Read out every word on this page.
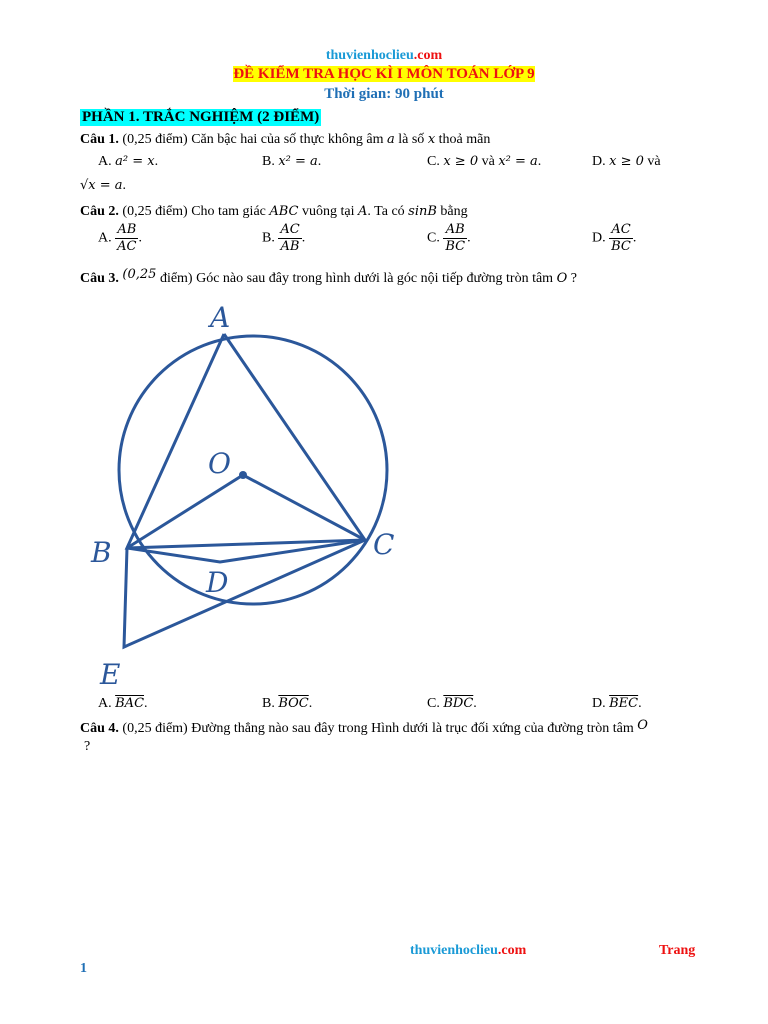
thuvienhoclieu.com
ĐỀ KIỂM TRA HỌC KÌ I MÔN TOÁN LỚP 9
Thời gian: 90 phút
PHẦN 1. TRẮC NGHIỆM (2 ĐIỂM)
Câu 1. (0,25 điểm) Căn bậc hai của số thực không âm a là số x thoả mãn
A. a² = x.	B. x² = a.	C. x ≥ 0 và x² = a.	D. x ≥ 0 và
√x = a.
Câu 2. (0,25 điểm) Cho tam giác ABC vuông tại A. Ta có sinB bằng
A. $\frac{AB}{AC}$ .	B. $\frac{AC}{AB}$ .	C. $\frac{AB}{BC}$ .	D. $\frac{AC}{BC}$ .
Câu 3. (0,25 điểm) Góc nào sau đây trong hình dưới là góc nội tiếp đường tròn tâm O ?
A
O
B	C
D
E
A. $\overline{BAC}$.	B. $\overline{BOC}$.	C. $\overline{BDC}$.	D. $\overline{BEC}$.
Câu 4. (0,25 điểm) Đường thẳng nào sau đây trong Hình dưới là trục đối xứng của đường tròn tâm O
?
thuvienhoclieu.com	Trang
1
